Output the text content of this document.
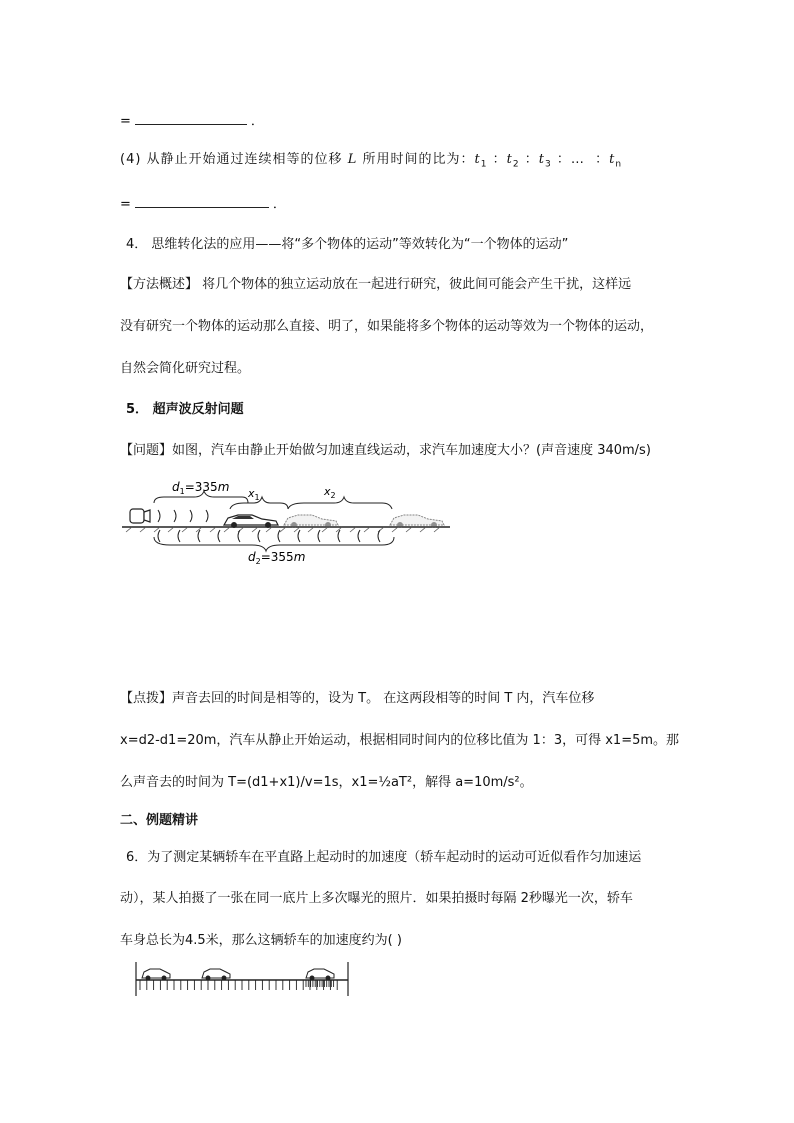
=	．
(4) 从静止开始通过连续相等的位移 L 所用时间的比为：$t_1$ ：$t_2$ ：$t_3$ ：… ：$t_n$
=	．
4． 思维转化法的应用——将“多个物体的运动”等效转化为“一个物体的运动”
【方法概述】 将几个物体的独立运动放在一起进行研究，彼此间可能会产生干扰，这样远
没有研究一个物体的运动那么直接、明了，如果能将多个物体的运动等效为一个物体的运动，
自然会简化研究过程。
5． 超声波反射问题
【问题】如图，汽车由静止开始做匀加速直线运动，求汽车加速度大小？(声音速度 340m/s)
$d_1=335m$ $x_1$	$x_2$
$d_2=355m$
【点拨】声音去回的时间是相等的，设为 T。 在这两段相等的时间 T 内，汽车位移
x=d2-d1=20m，汽车从静止开始运动，根据相同时间内的位移比值为 1：3，可得 x1=5m。那
么声音去的时间为 T=(d1+x1)/v=1s，x1=½aT²，解得 a=10m/s²。
二、例题精讲
6．为了测定某辆轿车在平直路上起动时的加速度（轿车起动时的运动可近似看作匀加速运
动），某人拍摄了一张在同一底片上多次曝光的照片．如果拍摄时每隔 2秒曝光一次，轿车
车身总长为4.5米，那么这辆轿车的加速度约为( )
